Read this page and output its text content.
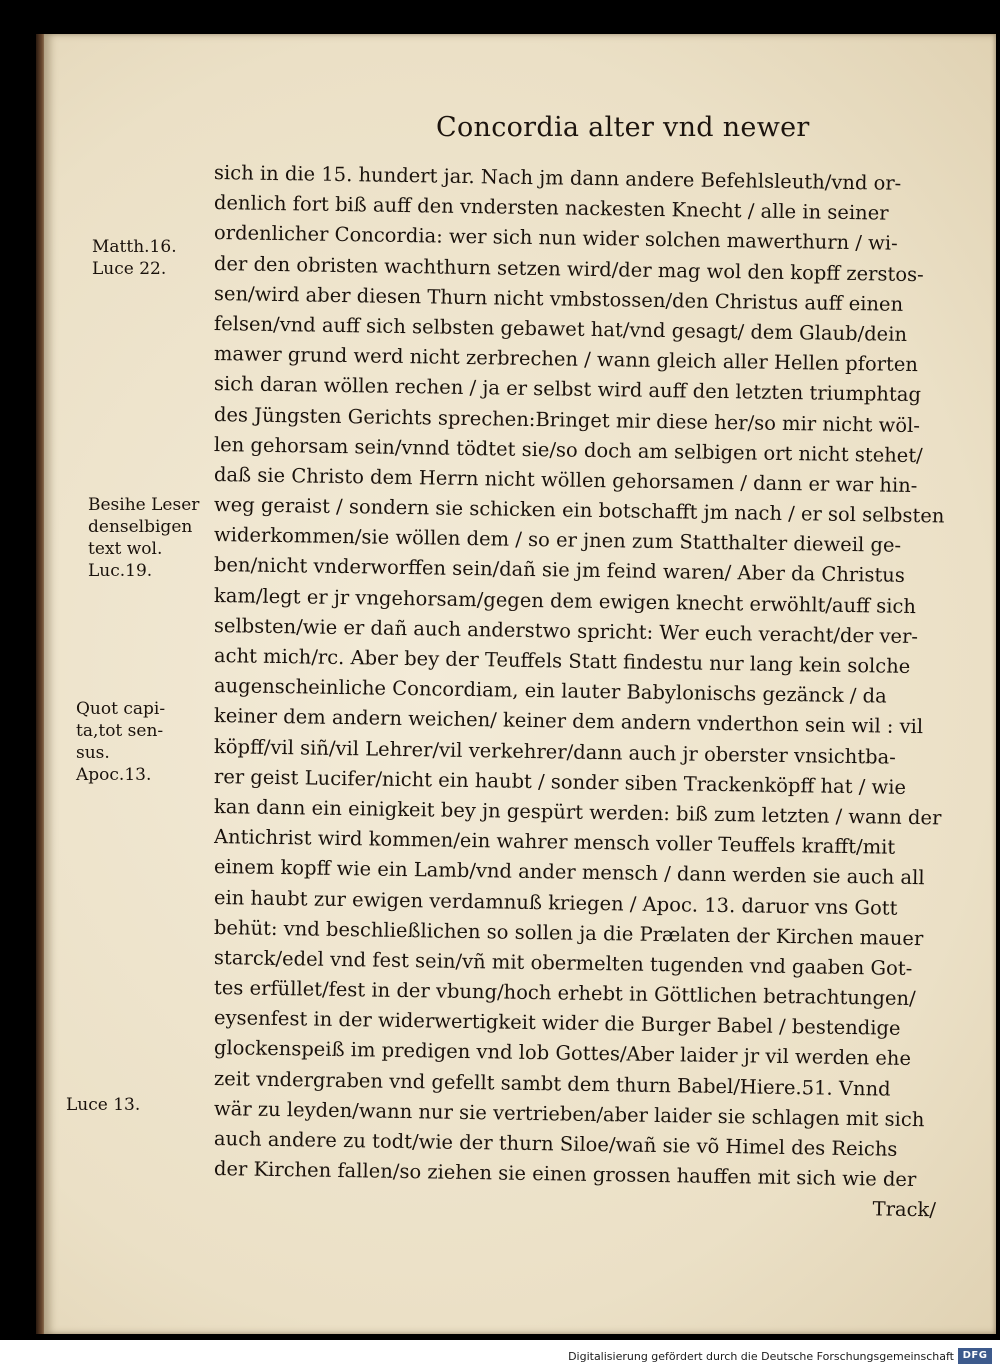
Concordia alter vnd newer
sich in die 15. hundert jar. Nach jm dann andere Befehlsleuth/vnd or-
denlich fort biß auff den vndersten nackesten Knecht / alle in seiner
ordenlicher Concordia: wer sich nun wider solchen mawerthurn / wi-
der den obristen wachthurn setzen wird/der mag wol den kopff zerstos-
sen/wird aber diesen Thurn nicht vmbstossen/den Christus auff einen
felsen/vnd auff sich selbsten gebawet hat/vnd gesagt/ dem Glaub/dein
mawer grund werd nicht zerbrechen / wann gleich aller Hellen pforten
sich daran wöllen rechen / ja er selbst wird auff den letzten triumphtag
des Jüngsten Gerichts sprechen:Bringet mir diese her/so mir nicht wöl-
len gehorsam sein/vnnd tödtet sie/so doch am selbigen ort nicht stehet/
daß sie Christo dem Herrn nicht wöllen gehorsamen / dann er war hin-
weg geraist / sondern sie schicken ein botschafft jm nach / er sol selbsten
widerkommen/sie wöllen dem / so er jnen zum Statthalter dieweil ge-
ben/nicht vnderworffen sein/dañ sie jm feind waren/ Aber da Christus
kam/legt er jr vngehorsam/gegen dem ewigen knecht erwöhlt/auff sich
selbsten/wie er dañ auch anderstwo spricht: Wer euch veracht/der ver-
acht mich/rc. Aber bey der Teuffels Statt findestu nur lang kein solche
augenscheinliche Concordiam, ein lauter Babylonischs gezänck / da
keiner dem andern weichen/ keiner dem andern vnderthon sein wil : vil
köpff/vil siñ/vil Lehrer/vil verkehrer/dann auch jr oberster vnsichtba-
rer geist Lucifer/nicht ein haubt / sonder siben Trackenköpff hat / wie
kan dann ein einigkeit bey jn gespürt werden: biß zum letzten / wann der
Antichrist wird kommen/ein wahrer mensch voller Teuffels krafft/mit
einem kopff wie ein Lamb/vnd ander mensch / dann werden sie auch all
ein haubt zur ewigen verdamnuß kriegen / Apoc. 13. daruor vns Gott
behüt: vnd beschließlichen so sollen ja die Prælaten der Kirchen mauer
starck/edel vnd fest sein/vñ mit obermelten tugenden vnd gaaben Got-
tes erfüllet/fest in der vbung/hoch erhebt in Göttlichen betrachtungen/
eysenfest in der widerwertigkeit wider die Burger Babel / bestendige
glockenspeiß im predigen vnd lob Gottes/Aber laider jr vil werden ehe
zeit vndergraben vnd gefellt sambt dem thurn Babel/Hiere.51. Vnnd
wär zu leyden/wann nur sie vertrieben/aber laider sie schlagen mit sich
auch andere zu todt/wie der thurn Siloe/wañ sie võ Himel des Reichs
der Kirchen fallen/so ziehen sie einen grossen hauffen mit sich wie der
Track/
Matth.16.
Luce 22.
Besihe Leser
denselbigen
text wol.
Luc.19.
Quot capi-
ta,tot sen-
sus.
Apoc.13.
Luce 13.
Digitalisierung gefördert durch die Deutsche Forschungsgemeinschaft DFG
